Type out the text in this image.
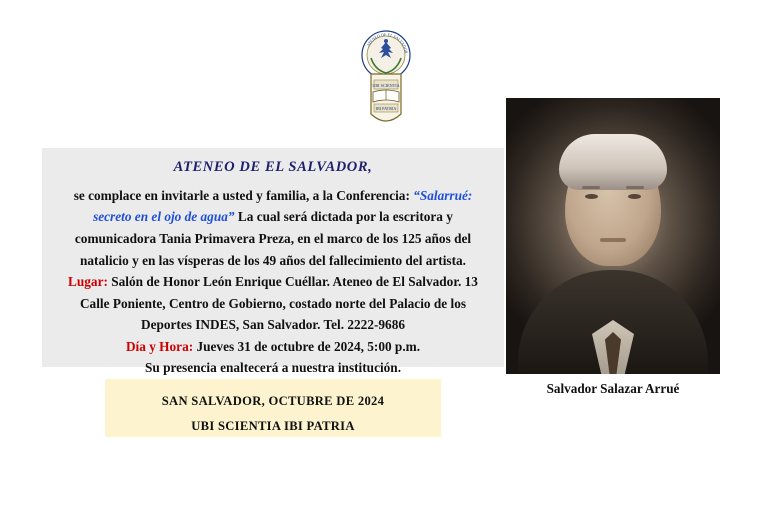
ATENEO DE EL SALVADOR
UBI SCIENTIA
IBI PATRIA
ATENEO DE EL SALVADOR,
se complace en invitarle a usted y familia, a la Conferencia: “Salarrué:
secreto en el ojo de agua” La cual será dictada por la escritora y
comunicadora Tania Primavera Preza, en el marco de los 125 años del
natalicio y en las vísperas de los 49 años del fallecimiento del artista.
Lugar: Salón de Honor León Enrique Cuéllar. Ateneo de El Salvador. 13
Calle Poniente, Centro de Gobierno, costado norte del Palacio de los
Deportes INDES, San Salvador. Tel. 2222-9686
Día y Hora: Jueves 31 de octubre de 2024, 5:00 p.m.
Su presencia enaltecerá a nuestra institución.
SAN SALVADOR, OCTUBRE DE 2024
UBI SCIENTIA IBI PATRIA
Salvador Salazar Arrué
